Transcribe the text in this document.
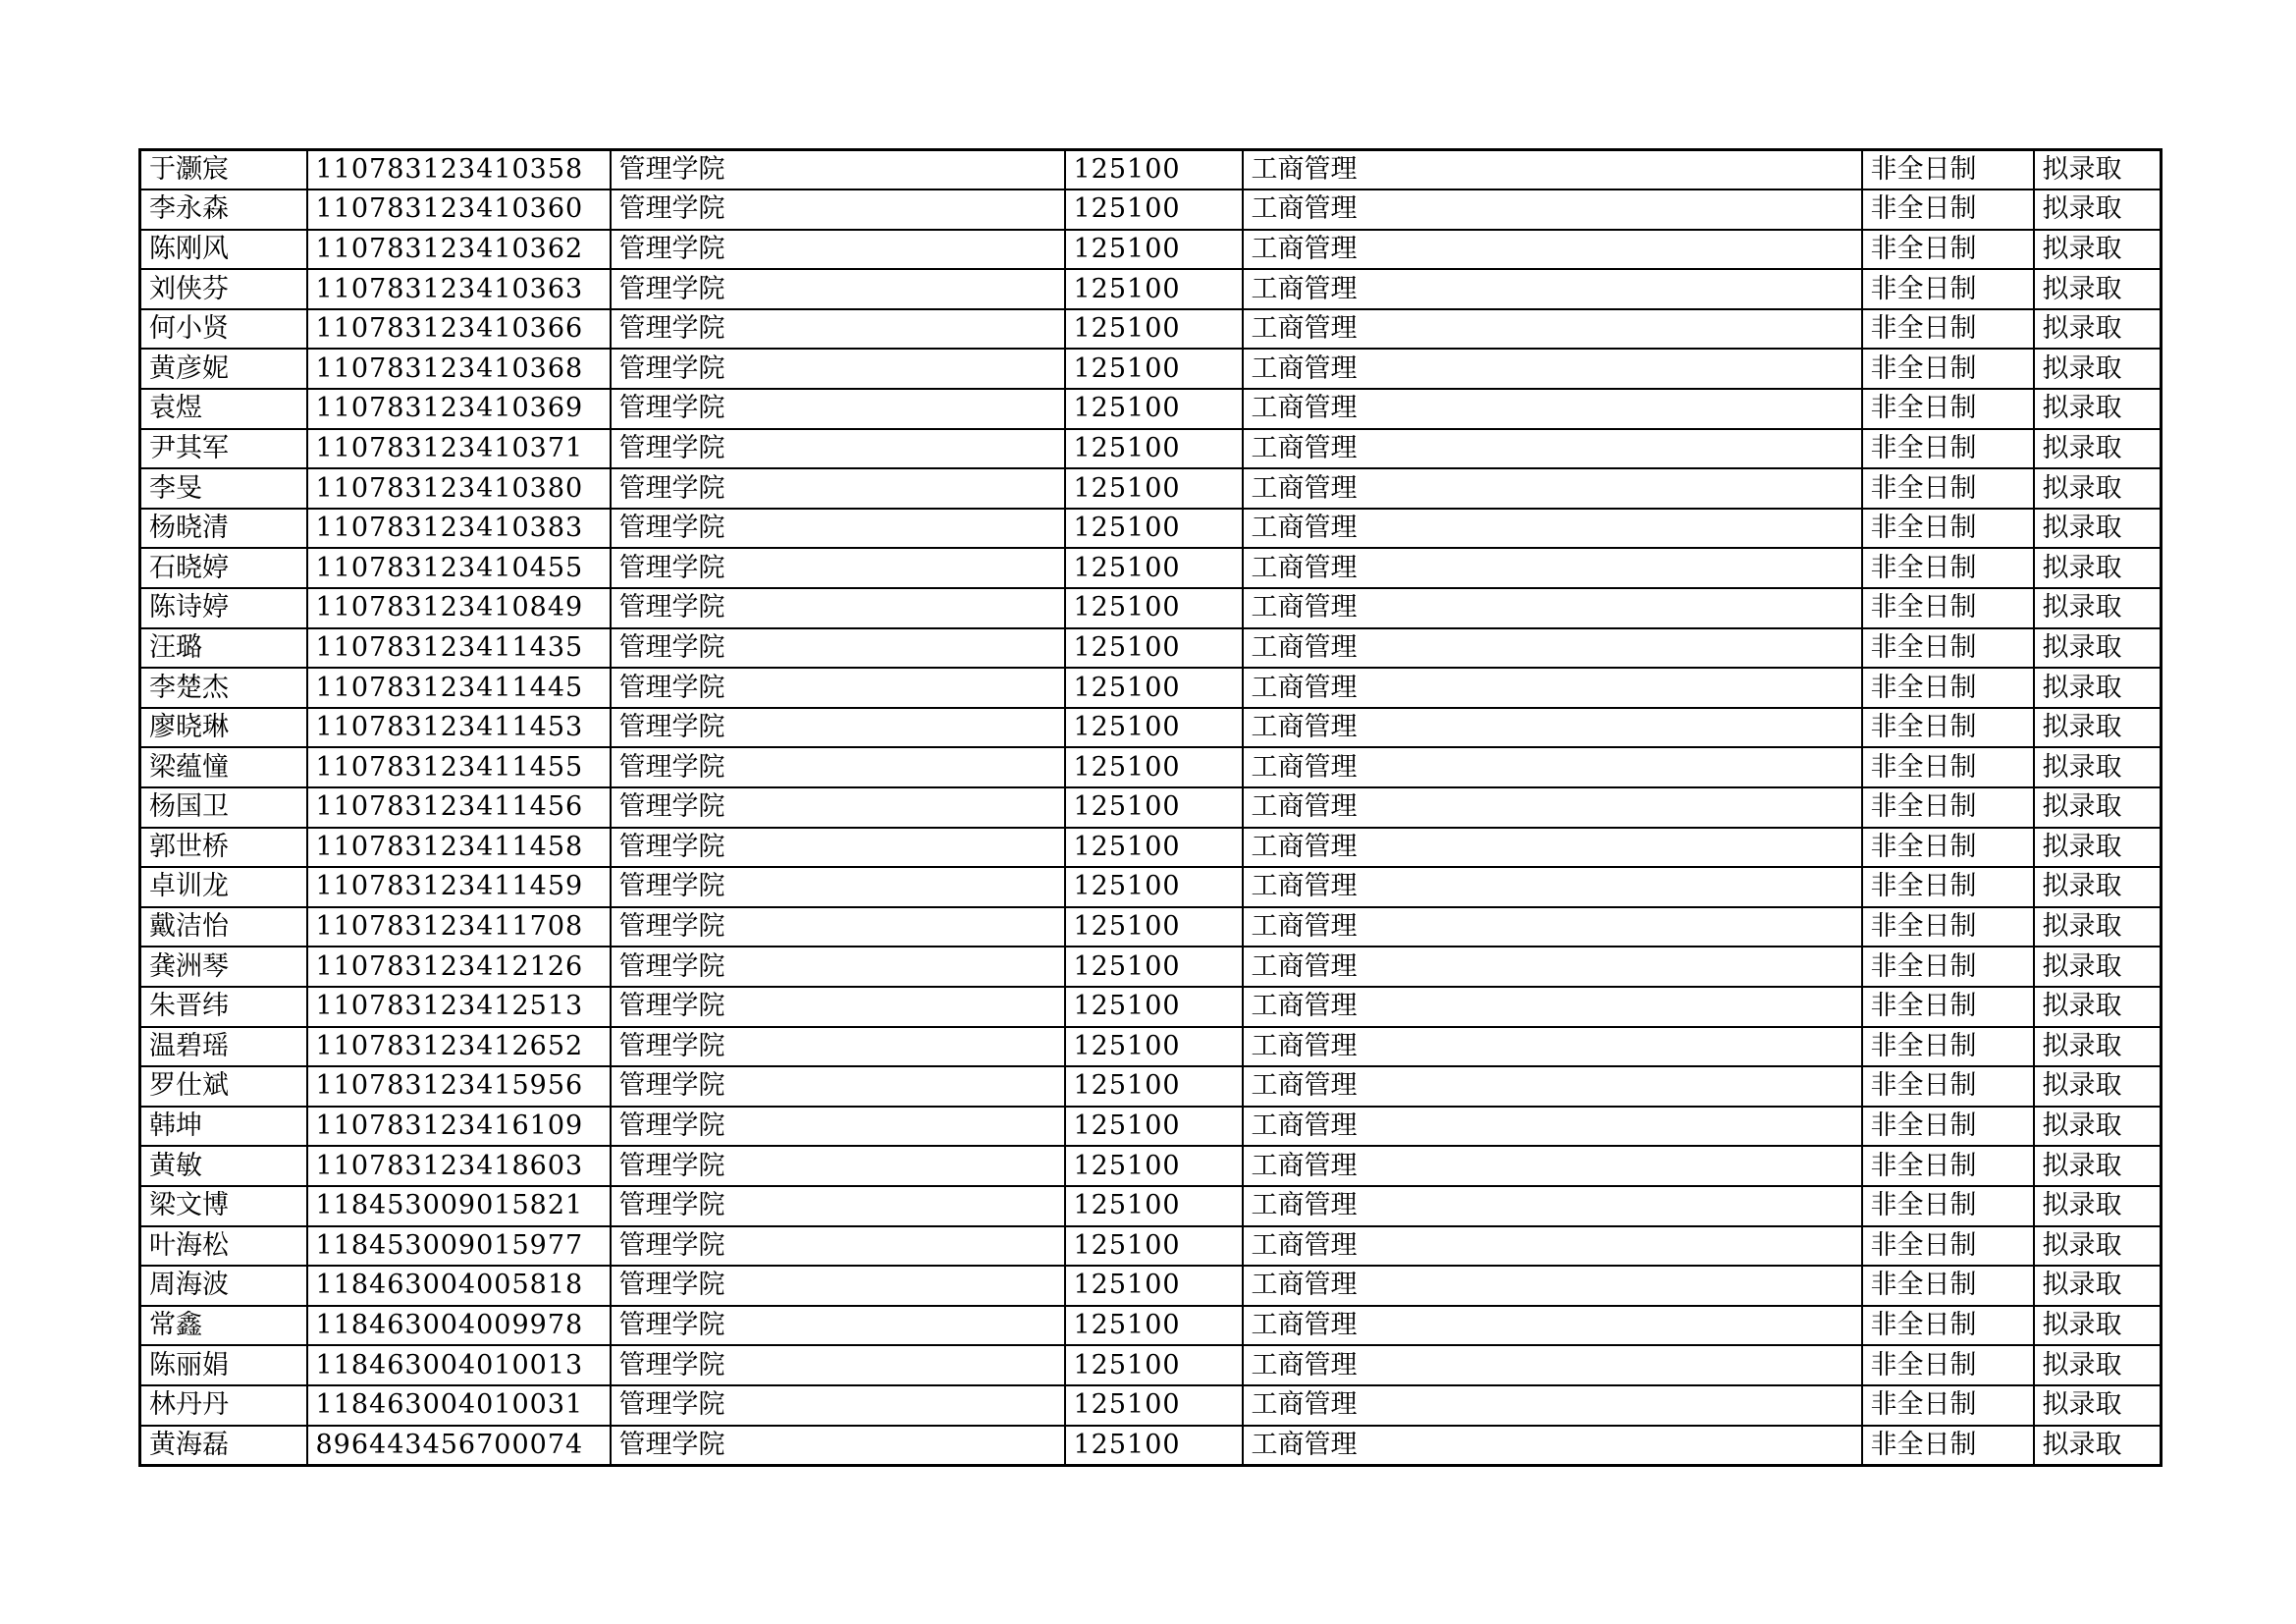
于灏宸	110783123410358	管理学院	125100	工商管理	非全日制	拟录取
李永森	110783123410360	管理学院	125100	工商管理	非全日制	拟录取
陈刚风	110783123410362	管理学院	125100	工商管理	非全日制	拟录取
刘侠芬	110783123410363	管理学院	125100	工商管理	非全日制	拟录取
何小贤	110783123410366	管理学院	125100	工商管理	非全日制	拟录取
黄彦妮	110783123410368	管理学院	125100	工商管理	非全日制	拟录取
袁煜	110783123410369	管理学院	125100	工商管理	非全日制	拟录取
尹其军	110783123410371	管理学院	125100	工商管理	非全日制	拟录取
李旻	110783123410380	管理学院	125100	工商管理	非全日制	拟录取
杨晓清	110783123410383	管理学院	125100	工商管理	非全日制	拟录取
石晓婷	110783123410455	管理学院	125100	工商管理	非全日制	拟录取
陈诗婷	110783123410849	管理学院	125100	工商管理	非全日制	拟录取
汪璐	110783123411435	管理学院	125100	工商管理	非全日制	拟录取
李楚杰	110783123411445	管理学院	125100	工商管理	非全日制	拟录取
廖晓琳	110783123411453	管理学院	125100	工商管理	非全日制	拟录取
梁蕴憧	110783123411455	管理学院	125100	工商管理	非全日制	拟录取
杨国卫	110783123411456	管理学院	125100	工商管理	非全日制	拟录取
郭世桥	110783123411458	管理学院	125100	工商管理	非全日制	拟录取
卓训龙	110783123411459	管理学院	125100	工商管理	非全日制	拟录取
戴洁怡	110783123411708	管理学院	125100	工商管理	非全日制	拟录取
龚洲琴	110783123412126	管理学院	125100	工商管理	非全日制	拟录取
朱晋纬	110783123412513	管理学院	125100	工商管理	非全日制	拟录取
温碧瑶	110783123412652	管理学院	125100	工商管理	非全日制	拟录取
罗仕斌	110783123415956	管理学院	125100	工商管理	非全日制	拟录取
韩坤	110783123416109	管理学院	125100	工商管理	非全日制	拟录取
黄敏	110783123418603	管理学院	125100	工商管理	非全日制	拟录取
梁文博	118453009015821	管理学院	125100	工商管理	非全日制	拟录取
叶海松	118453009015977	管理学院	125100	工商管理	非全日制	拟录取
周海波	118463004005818	管理学院	125100	工商管理	非全日制	拟录取
常鑫	118463004009978	管理学院	125100	工商管理	非全日制	拟录取
陈丽娟	118463004010013	管理学院	125100	工商管理	非全日制	拟录取
林丹丹	118463004010031	管理学院	125100	工商管理	非全日制	拟录取
黄海磊	896443456700074	管理学院	125100	工商管理	非全日制	拟录取
